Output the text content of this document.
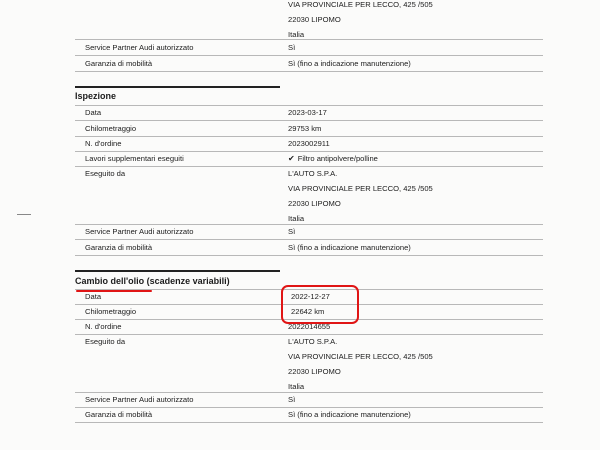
VIA PROVINCIALE PER LECCO, 425 /505
22030 LIPOMO
Italia
Service Partner Audi autorizzato	Sì
Garanzia di mobilità	Sì (fino a indicazione manutenzione)
Ispezione
Data	2023-03-17
Chilometraggio	29753 km
N. d'ordine	2023002911
Lavori supplementari eseguiti	✔ Filtro antipolvere/polline
Eseguito da	L'AUTO S.P.A.
VIA PROVINCIALE PER LECCO, 425 /505
22030 LIPOMO
Italia
Service Partner Audi autorizzato	Sì
Garanzia di mobilità	Sì (fino a indicazione manutenzione)
Cambio dell'olio (scadenze variabili)
Data	2022-12-27
Chilometraggio	22642 km
N. d'ordine	2022014655
Eseguito da	L'AUTO S.P.A.
VIA PROVINCIALE PER LECCO, 425 /505
22030 LIPOMO
Italia
Service Partner Audi autorizzato	Sì
Garanzia di mobilità	Sì (fino a indicazione manutenzione)
